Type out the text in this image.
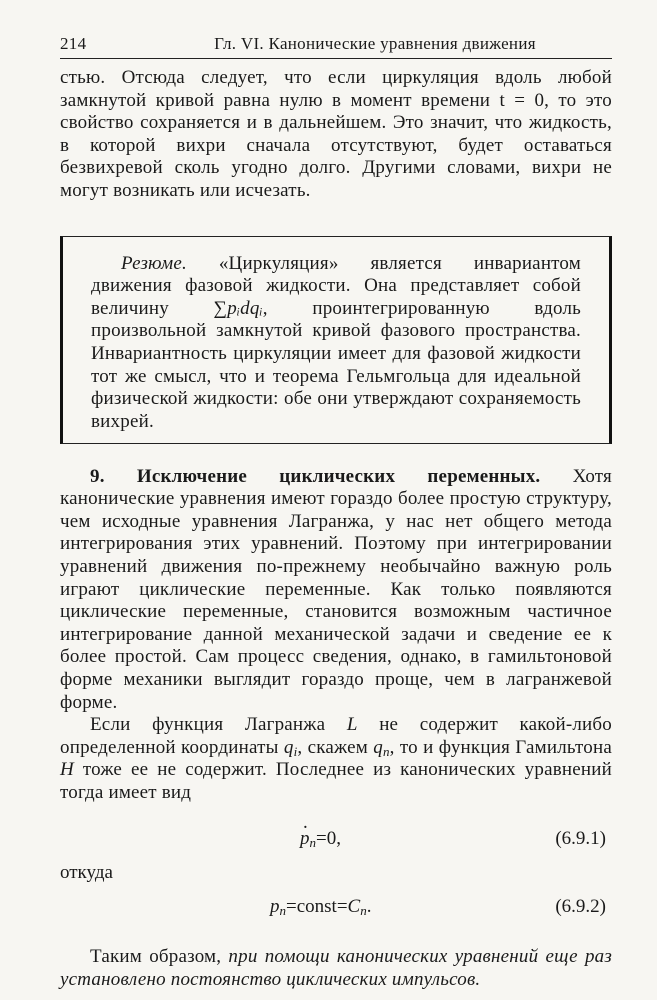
214	Гл. VI. Канонические уравнения движения

стью. Отсюда следует, что если циркуляция вдоль любой замкнутой кривой равна нулю в момент времени t = 0, то это свойство сохраняется и в дальнейшем. Это значит, что жидкость, в которой вихри сначала отсутствуют, будет оставаться безвихревой сколь угодно долго. Другими словами, вихри не могут возникать или исчезать.

Резюме. «Циркуляция» является инвариантом движения фазовой жидкости. Она представляет собой величину ∑pᵢdqᵢ, проинтегрированную вдоль произвольной замкнутой кривой фазового пространства. Инвариантность циркуляции имеет для фазовой жидкости тот же смысл, что и теорема Гельмгольца для идеальной физической жидкости: обе они утверждают сохраняемость вихрей.

9. Исключение циклических переменных. Хотя канонические уравнения имеют гораздо более простую структуру, чем исходные уравнения Лагранжа, у нас нет общего метода интегрирования этих уравнений. Поэтому при интегрировании уравнений движения по-прежнему необычайно важную роль играют циклические переменные. Как только появляются циклические переменные, становится возможным частичное интегрирование данной механической задачи и сведение ее к более простой. Сам процесс сведения, однако, в гамильтоновой форме механики выглядит гораздо проще, чем в лагранжевой форме.

Если функция Лагранжа L не содержит какой-либо определенной координаты $q_i$, скажем $q_n$, то и функция Гамильтона H тоже ее не содержит. Последнее из канонических уравнений тогда имеет вид

. $p_n=0$,	(6.9.1)
откуда
$p_n=const=C_n$.	(6.9.2)

Таким образом, при помощи канонических уравнений еще раз установлено постоянство циклических импульсов.
